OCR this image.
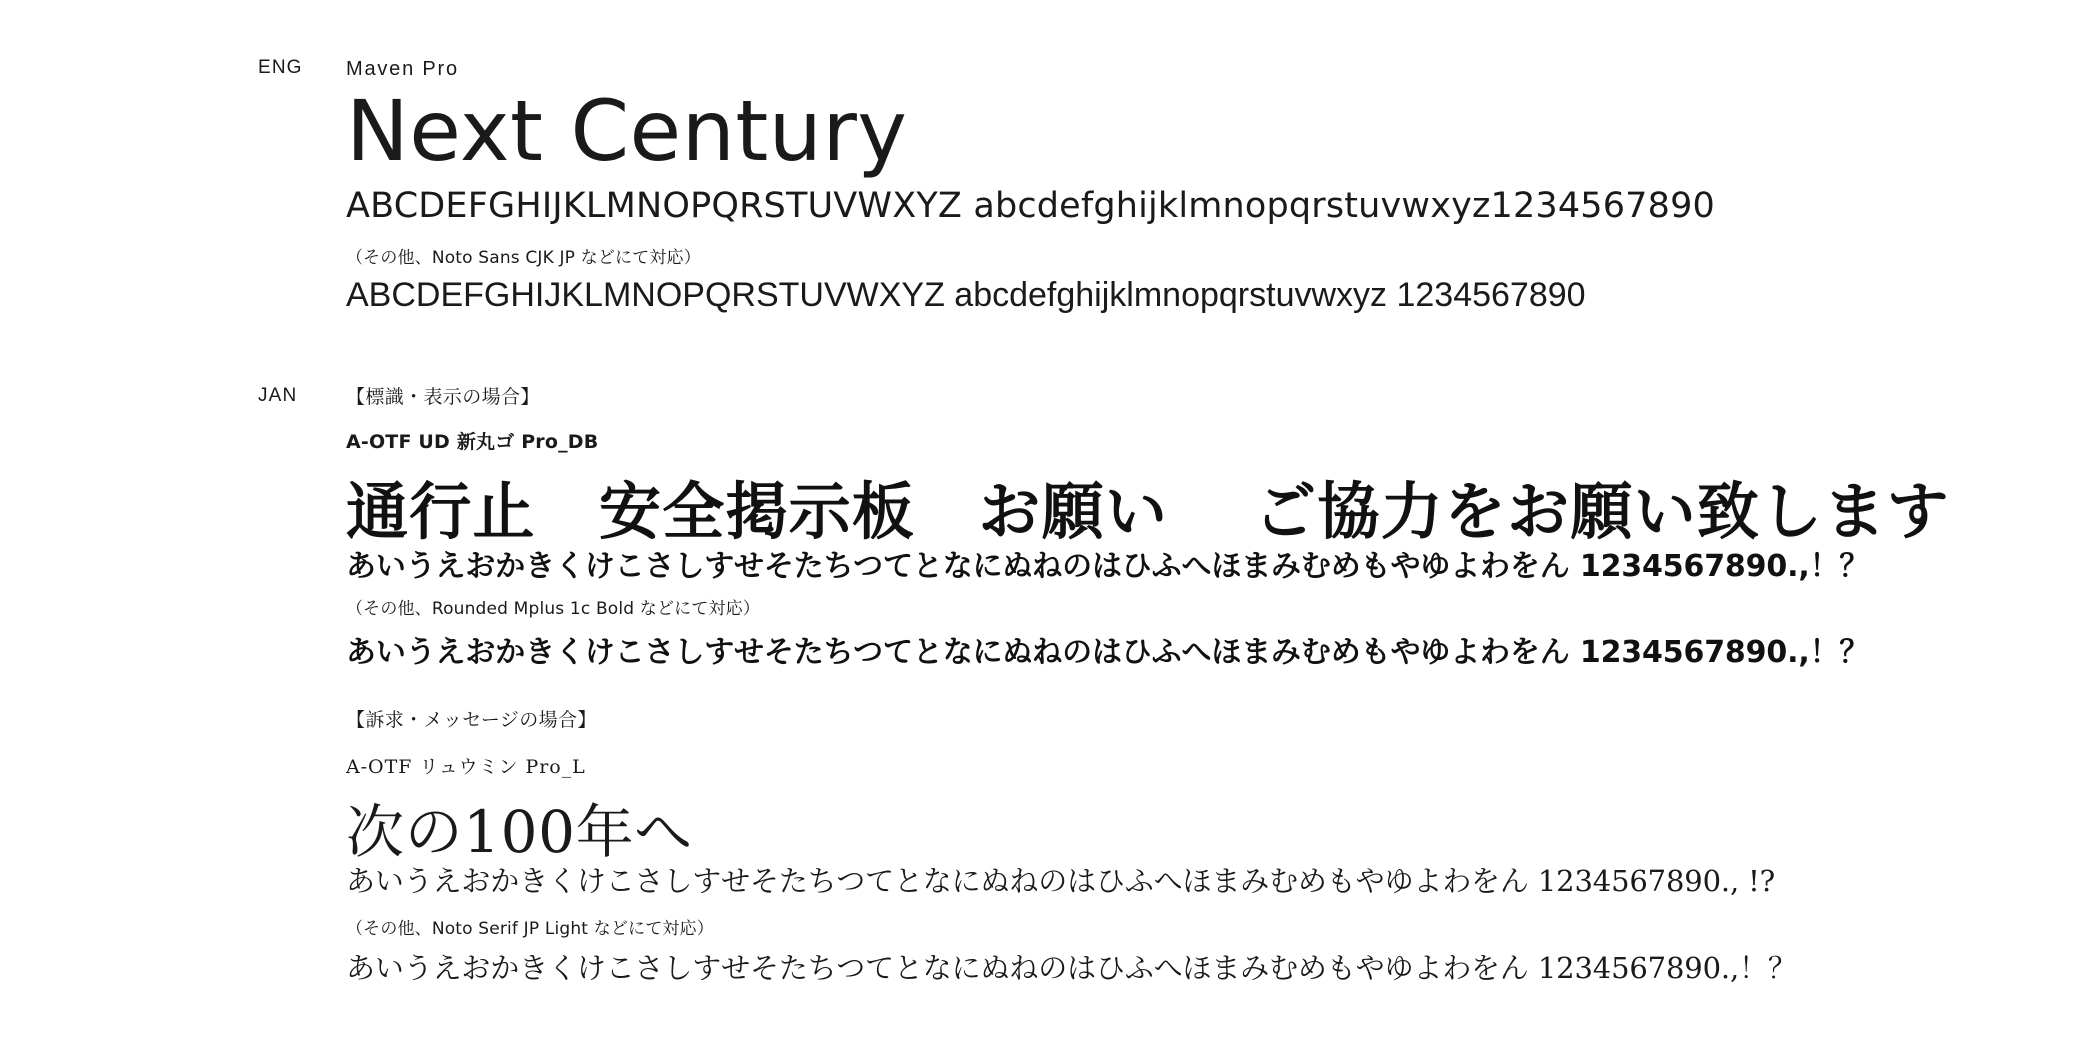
ENG Maven Pro
Next Century
ABCDEFGHIJKLMNOPQRSTUVWXYZ abcdefghijklmnopqrstuvwxyz1234567890
（その他、Noto Sans CJK JP などにて対応）
ABCDEFGHIJKLMNOPQRSTUVWXYZ abcdefghijklmnopqrstuvwxyz 1234567890
JAN	【標識・表示の場合】
A-OTF UD 新丸ゴ Pro_DB
通行止　安全掲示板　お願い　 ご協力をお願い致します
あいうえおかきくけこさしすせそたちつてとなにぬねのはひふへほまみむめもやゆよわをん 1234567890.,！？
（その他、Rounded Mplus 1c Bold などにて対応）
あいうえおかきくけこさしすせそたちつてとなにぬねのはひふへほまみむめもやゆよわをん 1234567890.,！？
【訴求・メッセージの場合】
A-OTF リュウミン Pro_L
次の100年へ
あいうえおかきくけこさしすせそたちつてとなにぬねのはひふへほまみむめもやゆよわをん 1234567890., !?
（その他、Noto Serif JP Light などにて対応）
あいうえおかきくけこさしすせそたちつてとなにぬねのはひふへほまみむめもやゆよわをん 1234567890.,！？
